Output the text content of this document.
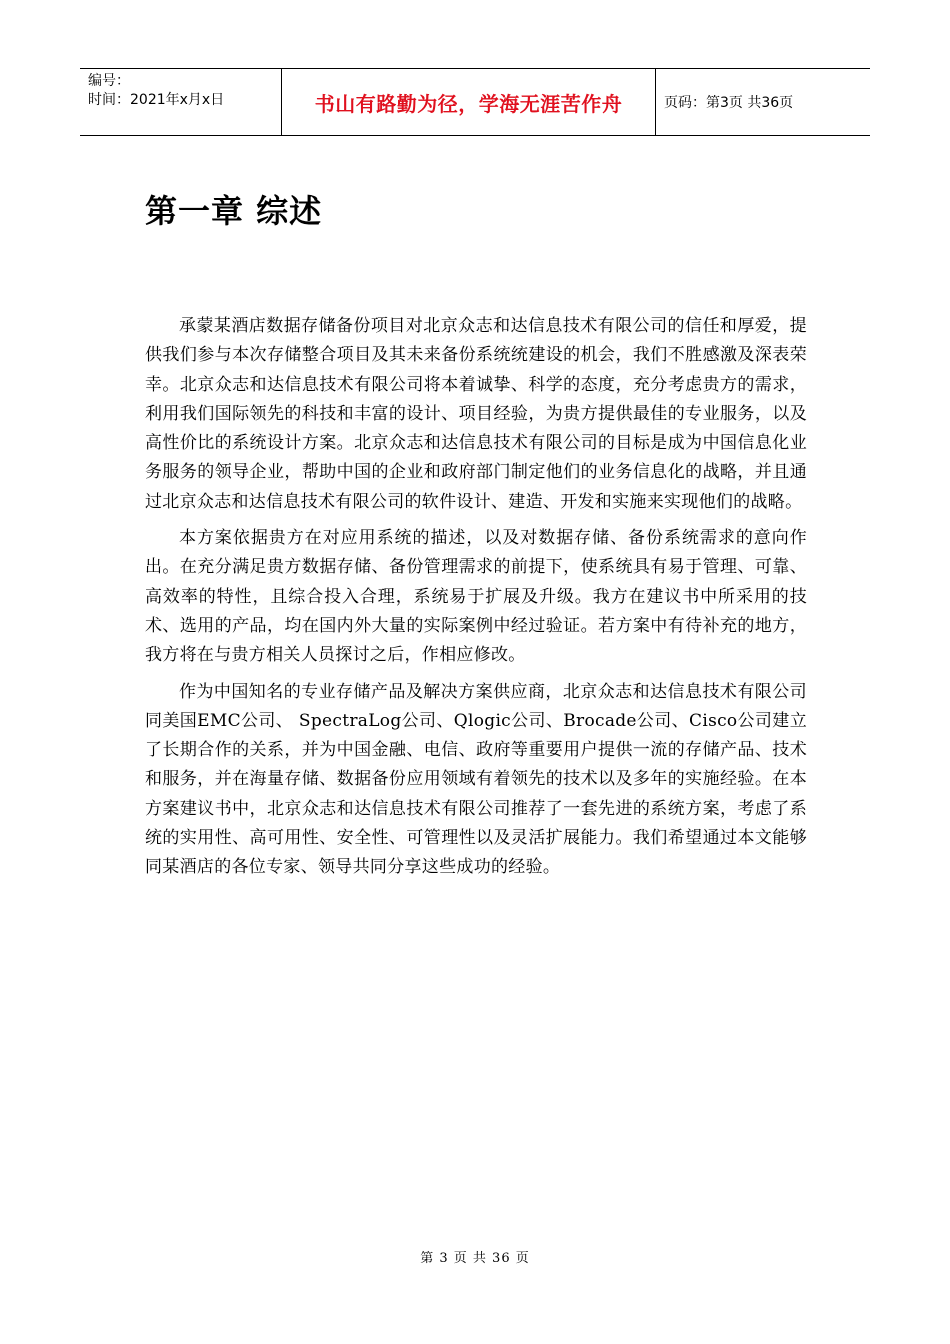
编号：
时间：2021年x月x日	书山有路勤为径，学海无涯苦作舟	页码：第3页 共36页
第一章 综述

承蒙某酒店数据存储备份项目对北京众志和达信息技术有限公司的信任和厚爱，提供我们参与本次存储整合项目及其未来备份系统统建设的机会，我们不胜感激及深表荣幸。北京众志和达信息技术有限公司将本着诚挚、科学的态度，充分考虑贵方的需求，利用我们国际领先的科技和丰富的设计、项目经验，为贵方提供最佳的专业服务，以及高性价比的系统设计方案。北京众志和达信息技术有限公司的目标是成为中国信息化业务服务的领导企业，帮助中国的企业和政府部门制定他们的业务信息化的战略，并且通过北京众志和达信息技术有限公司的软件设计、建造、开发和实施来实现他们的战略。

本方案依据贵方在对应用系统的描述，以及对数据存储、备份系统需求的意向作出。在充分满足贵方数据存储、备份管理需求的前提下，使系统具有易于管理、可靠、高效率的特性，且综合投入合理，系统易于扩展及升级。我方在建议书中所采用的技术、选用的产品，均在国内外大量的实际案例中经过验证。若方案中有待补充的地方，我方将在与贵方相关人员探讨之后，作相应修改。

作为中国知名的专业存储产品及解决方案供应商，北京众志和达信息技术有限公司同美国EMC公司、 SpectraLog公司、Qlogic公司、Brocade公司、Cisco公司建立了长期合作的关系，并为中国金融、电信、政府等重要用户提供一流的存储产品、技术和服务，并在海量存储、数据备份应用领域有着领先的技术以及多年的实施经验。在本方案建议书中，北京众志和达信息技术有限公司推荐了一套先进的系统方案，考虑了系统的实用性、高可用性、安全性、可管理性以及灵活扩展能力。我们希望通过本文能够同某酒店的各位专家、领导共同分享这些成功的经验。

第 3 页 共 36 页
